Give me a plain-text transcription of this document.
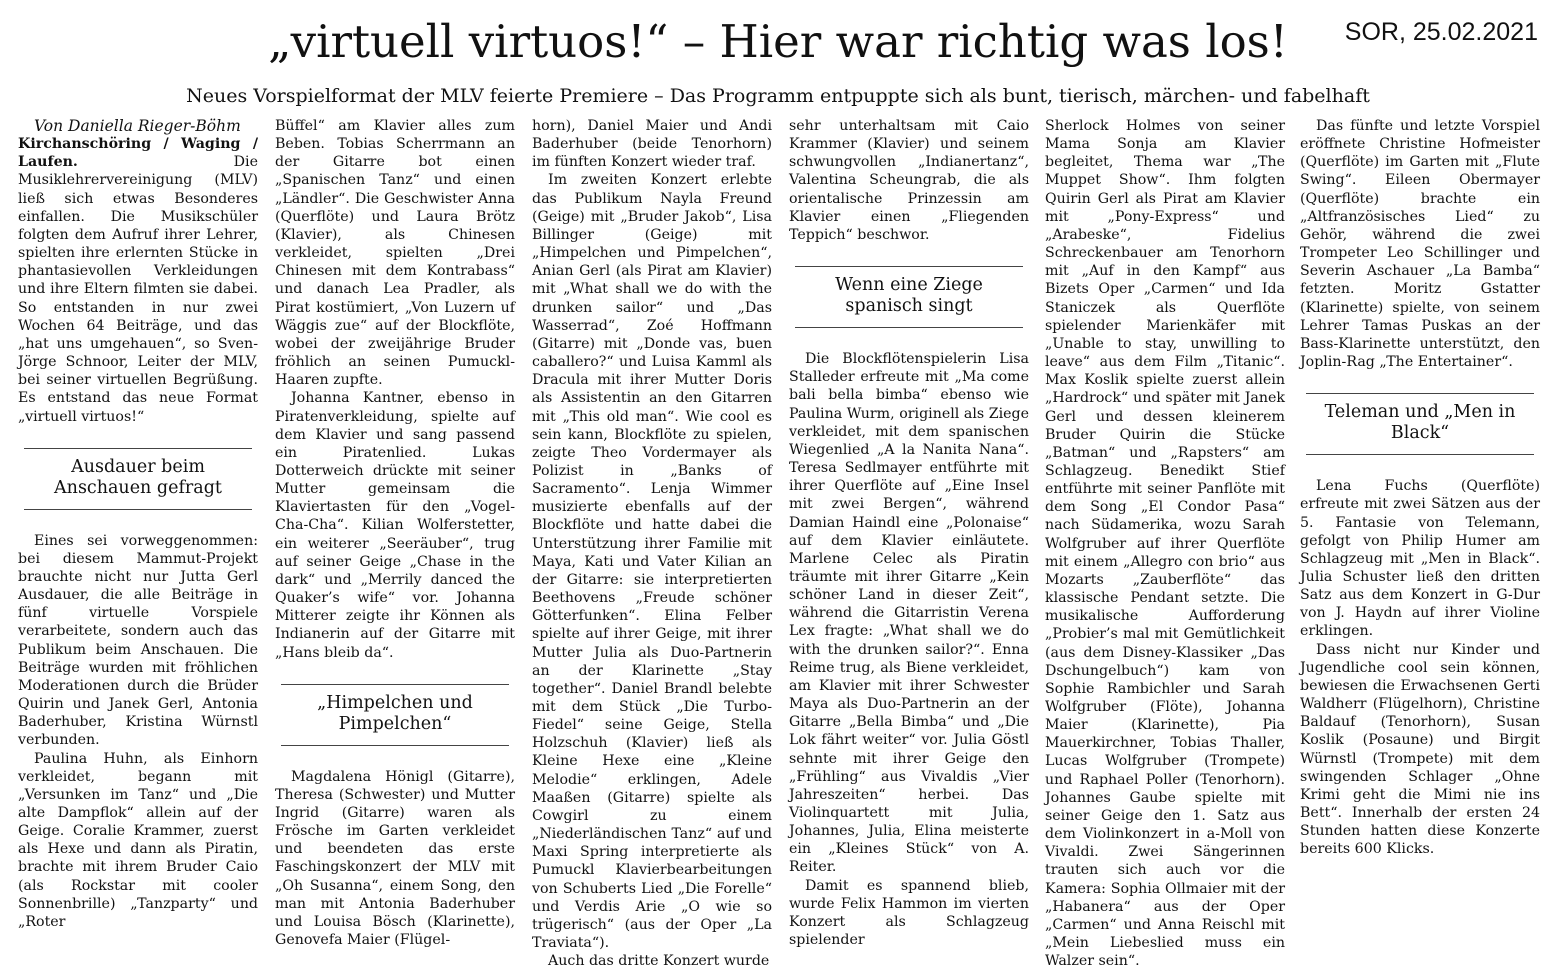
„virtuell virtuos!“ – Hier war richtig was los!	SOR, 25.02.2021
Neues Vorspielformat der MLV feierte Premiere – Das Programm entpuppte sich als bunt, tierisch, märchen- und fabelhaft

Von Daniella Rieger-Böhm

Kirchanschöring / Waging / Laufen. Die Musiklehrervereinigung (MLV) ließ sich etwas Besonderes einfallen. Die Musikschüler folgten dem Aufruf ihrer Lehrer, spielten ihre erlernten Stücke in phantasievollen Verkleidungen und ihre Eltern filmten sie dabei. So entstanden in nur zwei Wochen 64 Beiträge, und das „hat uns umgehauen“, so Sven-Jörge Schnoor, Leiter der MLV, bei seiner virtuellen Begrüßung. Es entstand das neue Format „virtuell virtuos!“

Ausdauer beim Anschauen gefragt

Eines sei vorweggenommen: bei diesem Mammut-Projekt brauchte nicht nur Jutta Gerl Ausdauer, die alle Beiträge in fünf virtuelle Vorspiele verarbeitete, sondern auch das Publikum beim Anschauen. Die Beiträge wurden mit fröhlichen Moderationen durch die Brüder Quirin und Janek Gerl, Antonia Baderhuber, Kristina Würnstl verbunden.

Paulina Huhn, als Einhorn verkleidet, begann mit „Versunken im Tanz“ und „Die alte Dampflok“ allein auf der Geige. Coralie Krammer, zuerst als Hexe und dann als Piratin, brachte mit ihrem Bruder Caio (als Rockstar mit cooler Sonnenbrille) „Tanzparty“ und „Roter

Büffel“ am Klavier alles zum Beben. Tobias Scherrmann an der Gitarre bot einen „Spanischen Tanz“ und einen „Ländler“. Die Geschwister Anna (Querflöte) und Laura Brötz (Klavier), als Chinesen verkleidet, spielten „Drei Chinesen mit dem Kontrabass“ und danach Lea Pradler, als Pirat kostümiert, „Von Luzern uf Wäggis zue“ auf der Blockflöte, wobei der zweijährige Bruder fröhlich an seinen Pumuckl-Haaren zupfte.

Johanna Kantner, ebenso in Piratenverkleidung, spielte auf dem Klavier und sang passend ein Piratenlied. Lukas Dotterweich drückte mit seiner Mutter gemeinsam die Klaviertasten für den „Vogel-Cha-Cha“. Kilian Wolferstetter, ein weiterer „Seeräuber“, trug auf seiner Geige „Chase in the dark“ und „Merrily danced the Quaker’s wife“ vor. Johanna Mitterer zeigte ihr Können als Indianerin auf der Gitarre mit „Hans bleib da“.

„Himpelchen und Pimpelchen“

Magdalena Hönigl (Gitarre), Theresa (Schwester) und Mutter Ingrid (Gitarre) waren als Frösche im Garten verkleidet und beendeten das erste Faschingskonzert der MLV mit „Oh Susanna“, einem Song, den man mit Antonia Baderhuber und Louisa Bösch (Klarinette), Genovefa Maier (Flügel-

horn), Daniel Maier und Andi Baderhuber (beide Tenorhorn) im fünften Konzert wieder traf.

Im zweiten Konzert erlebte das Publikum Nayla Freund (Geige) mit „Bruder Jakob“, Lisa Billinger (Geige) mit „Himpelchen und Pimpelchen“, Anian Gerl (als Pirat am Klavier) mit „What shall we do with the drunken sailor“ und „Das Wasserrad“, Zoé Hoffmann (Gitarre) mit „Donde vas, buen caballero?“ und Luisa Kamml als Dracula mit ihrer Mutter Doris als Assistentin an den Gitarren mit „This old man“. Wie cool es sein kann, Blockflöte zu spielen, zeigte Theo Vordermayer als Polizist in „Banks of Sacramento“. Lenja Wimmer musizierte ebenfalls auf der Blockflöte und hatte dabei die Unterstützung ihrer Familie mit Maya, Kati und Vater Kilian an der Gitarre: sie interpretierten Beethovens „Freude schöner Götterfunken“. Elina Felber spielte auf ihrer Geige, mit ihrer Mutter Julia als Duo-Partnerin an der Klarinette „Stay together“. Daniel Brandl belebte mit dem Stück „Die Turbo-Fiedel“ seine Geige, Stella Holzschuh (Klavier) ließ als Kleine Hexe eine „Kleine Melodie“ erklingen, Adele Maaßen (Gitarre) spielte als Cowgirl zu einem „Niederländischen Tanz“ auf und Maxi Spring interpretierte als Pumuckl Klavierbearbeitungen von Schuberts Lied „Die Forelle“ und Verdis Arie „O wie so trügerisch“ (aus der Oper „La Traviata“).

Auch das dritte Konzert wurde

sehr unterhaltsam mit Caio Krammer (Klavier) und seinem schwungvollen „Indianertanz“, Valentina Scheungrab, die als orientalische Prinzessin am Klavier einen „Fliegenden Teppich“ beschwor.

Wenn eine Ziege spanisch singt

Die Blockflötenspielerin Lisa Stalleder erfreute mit „Ma come bali bella bimba“ ebenso wie Paulina Wurm, originell als Ziege verkleidet, mit dem spanischen Wiegenlied „A la Nanita Nana“. Teresa Sedlmayer entführte mit ihrer Querflöte auf „Eine Insel mit zwei Bergen“, während Damian Haindl eine „Polonaise“ auf dem Klavier einläutete. Marlene Celec als Piratin träumte mit ihrer Gitarre „Kein schöner Land in dieser Zeit“, während die Gitarristin Verena Lex fragte: „What shall we do with the drunken sailor?“. Enna Reime trug, als Biene verkleidet, am Klavier mit ihrer Schwester Maya als Duo-Partnerin an der Gitarre „Bella Bimba“ und „Die Lok fährt weiter“ vor. Julia Göstl sehnte mit ihrer Geige den „Frühling“ aus Vivaldis „Vier Jahreszeiten“ herbei. Das Violinquartett mit Julia, Johannes, Julia, Elina meisterte ein „Kleines Stück“ von A. Reiter.

Damit es spannend blieb, wurde Felix Hammon im vierten Konzert als Schlagzeug spielender

Sherlock Holmes von seiner Mama Sonja am Klavier begleitet, Thema war „The Muppet Show“. Ihm folgten Quirin Gerl als Pirat am Klavier mit „Pony-Express“ und „Arabeske“, Fidelius Schreckenbauer am Tenorhorn mit „Auf in den Kampf“ aus Bizets Oper „Carmen“ und Ida Staniczek als Querflöte spielender Marienkäfer mit „Unable to stay, unwilling to leave“ aus dem Film „Titanic“. Max Koslik spielte zuerst allein „Hardrock“ und später mit Janek Gerl und dessen kleinerem Bruder Quirin die Stücke „Batman“ und „Rapsters“ am Schlagzeug. Benedikt Stief entführte mit seiner Panflöte mit dem Song „El Condor Pasa“ nach Südamerika, wozu Sarah Wolfgruber auf ihrer Querflöte mit einem „Allegro con brio“ aus Mozarts „Zauberflöte“ das klassische Pendant setzte. Die musikalische Aufforderung „Probier’s mal mit Gemütlichkeit (aus dem Disney-Klassiker „Das Dschungelbuch“) kam von Sophie Rambichler und Sarah Wolfgruber (Flöte), Johanna Maier (Klarinette), Pia Mauerkirchner, Tobias Thaller, Lucas Wolfgruber (Trompete) und Raphael Poller (Tenorhorn). Johannes Gaube spielte mit seiner Geige den 1. Satz aus dem Violinkonzert in a-Moll von Vivaldi. Zwei Sängerinnen trauten sich auch vor die Kamera: Sophia Ollmaier mit der „Habanera“ aus der Oper „Carmen“ und Anna Reischl mit „Mein Liebeslied muss ein Walzer sein“.

Das fünfte und letzte Vorspiel eröffnete Christine Hofmeister (Querflöte) im Garten mit „Flute Swing“. Eileen Obermayer (Querflöte) brachte ein „Altfranzösisches Lied“ zu Gehör, während die zwei Trompeter Leo Schillinger und Severin Aschauer „La Bamba“ fetzten. Moritz Gstatter (Klarinette) spielte, von seinem Lehrer Tamas Puskas an der Bass-Klarinette unterstützt, den Joplin-Rag „The Entertainer“.

Teleman und „Men in Black“

Lena Fuchs (Querflöte) erfreute mit zwei Sätzen aus der 5. Fantasie von Telemann, gefolgt von Philip Humer am Schlagzeug mit „Men in Black“. Julia Schuster ließ den dritten Satz aus dem Konzert in G-Dur von J. Haydn auf ihrer Violine erklingen.

Dass nicht nur Kinder und Jugendliche cool sein können, bewiesen die Erwachsenen Gerti Waldherr (Flügelhorn), Christine Baldauf (Tenorhorn), Susan Koslik (Posaune) und Birgit Würnstl (Trompete) mit dem swingenden Schlager „Ohne Krimi geht die Mimi nie ins Bett“. Innerhalb der ersten 24 Stunden hatten diese Konzerte bereits 600 Klicks.
